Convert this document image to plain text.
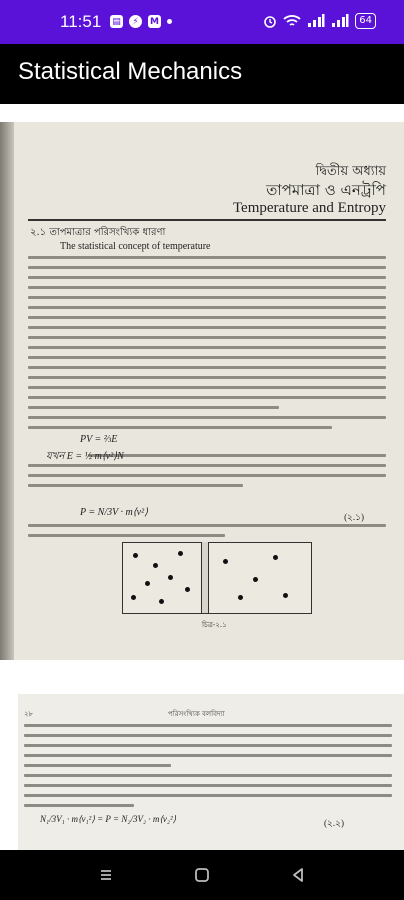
11:51 ▤	⚡	M	64
Statistical Mechanics
দ্বিতীয় অধ্যায়
তাপমাত্রা ও এনট্রপি
Temperature and Entropy
২.১ তাপমাত্রার পরিসংখ্যিক ধারণা
The statistical concept of temperature
PV = ⅔E
যখন E = ½ m⟨v²⟩N
P = N/3V · m⟨v²⟩	(২.১)
চিত্র-২.১
২৮	পরিসংখ্যিক বলবিদ্যা
N₁/3V₁ · m⟨v₁²⟩ = P = N₂/3V₂ · m⟨v₂²⟩	(২.২)
